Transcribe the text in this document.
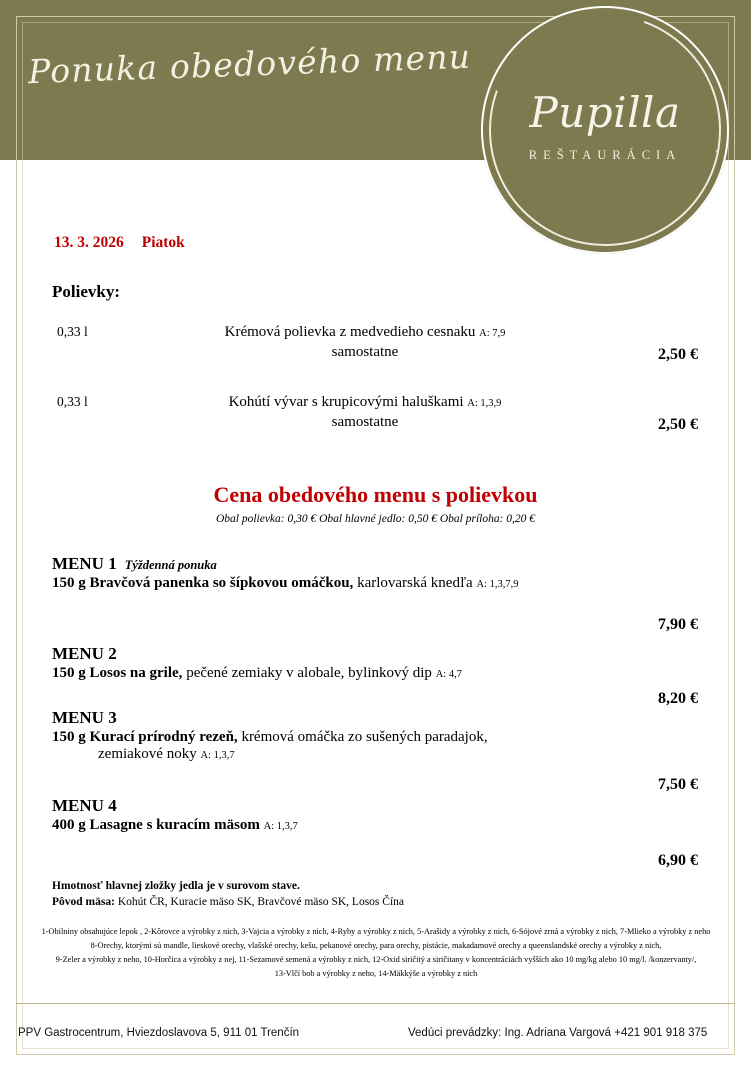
Ponuka obedového menu
Pupilla
REŠTAURÁCIA	"
13. 3. 2026 Piatok
Polievky:
0,33 l	Krémová polievka z medvedieho cesnaku A: 7,9
samostatne	2,50 €
0,33 l	Kohútí vývar s krupicovými haluškami A: 1,3,9
samostatne	2,50 €
Cena obedového menu s polievkou
Obal polievka: 0,30 € Obal hlavné jedlo: 0,50 € Obal príloha: 0,20 €
MENU 1 Týždenná ponuka
150 g Bravčová panenka so šípkovou omáčkou, karlovarská knedľa A: 1,3,7,9
7,90 €
MENU 2
150 g Losos na grile, pečené zemiaky v alobale, bylinkový dip A: 4,7
8,20 €
MENU 3
150 g Kurací prírodný rezeň, krémová omáčka zo sušených paradajok,
zemiakové noky A: 1,3,7
7,50 €
MENU 4
400 g Lasagne s kuracím mäsom A: 1,3,7
6,90 €
Hmotnosť hlavnej zložky jedla je v surovom stave.
Pôvod mäsa: Kohút ČR, Kuracie mäso SK, Bravčové mäso SK, Losos Čína
1-Obilniny obsahujúce lepok , 2-Kôrovce a výrobky z nich, 3-Vajcia a výrobky z nich, 4-Ryby a výrobky z nich, 5-Arašidy a výrobky z nich, 6-Sójové zrná a výrobky z nich, 7-Mlieko a výrobky z neho
8-Orechy, ktorými sú mandle, lieskové orechy, vlašské orechy, kešu, pekanové orechy, para orechy, pistácie, makadamové orechy a queenslandské orechy a výrobky z nich,
9-Zeler a výrobky z neho, 10-Horčica a výrobky z nej, 11-Sezamové semená a výrobky z nich, 12-Oxid siričitý a siričitany v koncentráciách vyšších ako 10 mg/kg alebo 10 mg/l. /konzervanty/,
13-Vlčí bob a výrobky z neho, 14-Mäkkýše a výrobky z nich
PPV Gastrocentrum, Hviezdoslavova 5, 911 01 Trenčín	Vedúci prevádzky: Ing. Adriana Vargová +421 901 918 375
